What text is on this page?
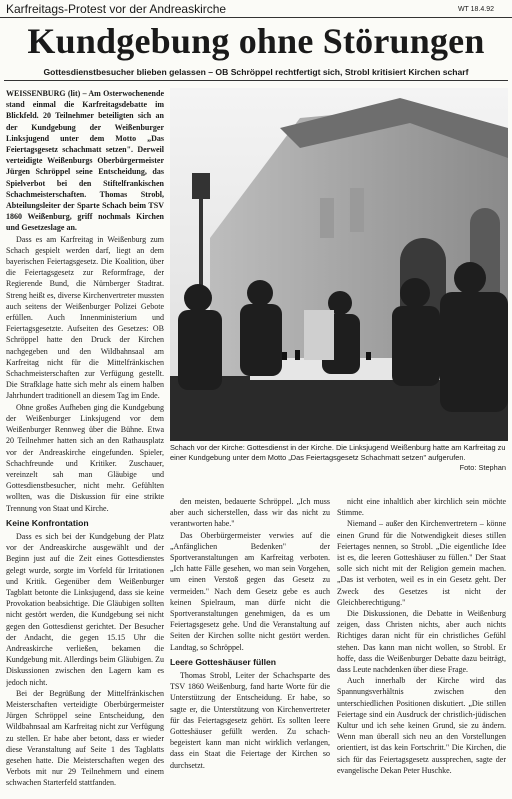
Karfreitags-Protest vor der Andreaskirche	WT 18.4.92
Kundgebung ohne Störungen
Gottesdienstbesucher blieben gelassen – OB Schröppel rechtfertigt sich, Strobl kritisiert Kirchen scharf

WEISSENBURG (lit) – Am Osterwochenende stand einmal die Karfreitagsdebatte im Blickfeld. 20 Teilnehmer beteiligten sich an der Kundgebung der Weißenburger Linksjugend unter dem Motto „Das Feiertagsgesetz schachmatt setzen". Derweil verteidigte Weißenburgs Oberbürgermeister Jürgen Schröppel seine Entscheidung, das Spielverbot bei den Stiftelfrankischen Schachmeisterschaften. Thomas Strobl, Abteilungsleiter der Sparte Schach beim TSV 1860 Weißenburg, griff nochmals Kirchen und Gesetzeslage an.

Dass es am Karfreitag in Weißenburg zum Schach gespielt werden darf, liegt an dem bayerischen Feiertagsgesetz. Die Koalition, über die Feiertagsgesetz zur Reformfrage, der Regierende Bund, die Nürnberger Stadtrat. Streng heißt es, diverse Kirchenvertreter mussten auch seitens der Weißenburger Polizei Gebote erfüllen. Auch Innenministerium und Feiertagsgesetzte. Aufseiten des Gesetzes: OB Schröppel hatte den Druck der Kirchen nachgegeben und den Wildbahnsaal am Karfreitag nicht für die Mittelfränkischen Schachmeisterschaften zur Verfügung gestellt. Die Strafklage hatte sich mehr als einem halben Jahrhundert traditionell an diesem Tag im Ende.

Ohne großes Aufheben ging die Kundgebung der Weißenburger Linksjugend vor dem Weißenburger Rennweg über die Bühne. Etwa 20 Teilnehmer hatten sich an den Rathausplatz vor der Andreaskirche eingefunden. Spieler, Schachfreunde und Kritiker. Zuschauer, vereinzelt sah man Gläubige und Gottesdienstbesucher, nicht mehr. Gefühlten wollten, was die Diskussion für eine strikte Trennung von Staat und Kirche.

Keine Konfrontation

Dass es sich bei der Kundgebung der Platz vor der Andreaskirche ausgewählt und der Beginn just auf die Zeit eines Gottesdienstes gelegt wurde, sorgte im Vorfeld für Irritationen und Kritik. Gegenüber dem Weißenburger Tagblatt betonte die Linksjugend, dass sie keine Provokation beabsichtige. Die Gläubigen sollten nicht gestört werden, die Kundgebung sei nicht gegen den Gottesdienst gerichtet. Der Besucher der Andacht, die gegen 15.15 Uhr die Andreaskirche verließen, bekamen die Kundgebung mit. Allerdings beim Gläubigen. Zu Diskussionen zwischen den Lagern kam es jedoch nicht.

Bei der Begrüßung der Mittelfränkischen Meisterschaften verteidigte Oberbürgermeister Jürgen Schröppel seine Entscheidung, den Wildbahnsaal am Karfreitag nicht zur Verfügung zu stellen. Er habe aber betont, dass er wieder diese Veranstaltung auf Seite 1 des Tagblatts gesehen hatte. Die Meisterschaften wegen des Verbots mit nur 29 Teilnehmern und einem schwachen Starterfeld stattfanden.

Schach vor der Kirche: Gottesdienst in der Kirche. Die Linksjugend Weißenburg hatte am Karfreitag zu einer Kundgebung unter dem Motto „Das Feiertagsgesetz Schachmatt setzen" aufgerufen.
Foto: Stephan

den meisten, bedauerte Schröppel. „Ich muss aber auch sicherstellen, dass wir das nicht zu verantworten habe."

Das Oberbürgermeister verwies auf die „Anfänglichen Bedenken" der Sportveranstaltungen am Karfreitag verboten. „Ich hatte Fälle gesehen, wo man sein Vorgehen, um einen Verstoß gegen das Gesetz zu vermeiden." Nach dem Gesetz gebe es auch keinen Spielraum, man dürfe nicht die Sportveranstaltungen genehmigen, da es um Feiertagsgesetz gehe. Und die Veranstaltung auf Seiten der Kirchen sollte nicht gestört werden. Landtag, so Schröppel.

Leere Gotteshäuser füllen

Thomas Strobl, Leiter der Schachsparte des TSV 1860 Weißenburg, fand harte Worte für die Unterstützung der Entscheidung. Er habe, so sagte er, die Unterstützung von Kirchenvertreter für das Feiertagsgesetz gehört. Es sollten leere Gotteshäuser gefüllt werden. Zu schach-begeistert kann man nicht wirklich verlangen, dass ein Staat die Feiertage der Kirchen so durchsetzt.

nicht eine inhaltlich aber kirchlich sein möchte Stimme.

Niemand – außer den Kirchenvertretern – könne einen Grund für die Notwendigkeit dieses stillen Feiertages nennen, so Strobl. „Die eigentliche Idee ist es, die leeren Gotteshäuser zu füllen." Der Staat solle sich nicht mit der Religion gemein machen. „Das ist verboten, weil es in ein Gesetz geht. Der Zweck des Gesetzes ist nicht der Gleichberechtigung."

Die Diskussionen, die Debatte in Weißenburg zeigen, dass Christen nichts, aber auch nichts Richtiges daran nicht für ein christliches Gefühl stehen. Das kann man nicht wollen, so Strobl. Er hoffe, dass die Weißenburger Debatte dazu beiträgt, dass Leute nachdenken über diese Frage.

Auch innerhalb der Kirche wird das Spannungsverhältnis zwischen den unterschiedlichen Positionen diskutiert. „Die stillen Feiertage sind ein Ausdruck der christlich-jüdischen Kultur und ich sehe keinen Grund, sie zu ändern. Wenn man überall sich neu an den Vorstellungen orientiert, ist das kein Fortschritt." Die Kirchen, die sich für das Feiertagsgesetz aussprechen, sagte der evangelische Dekan Peter Huschke.
